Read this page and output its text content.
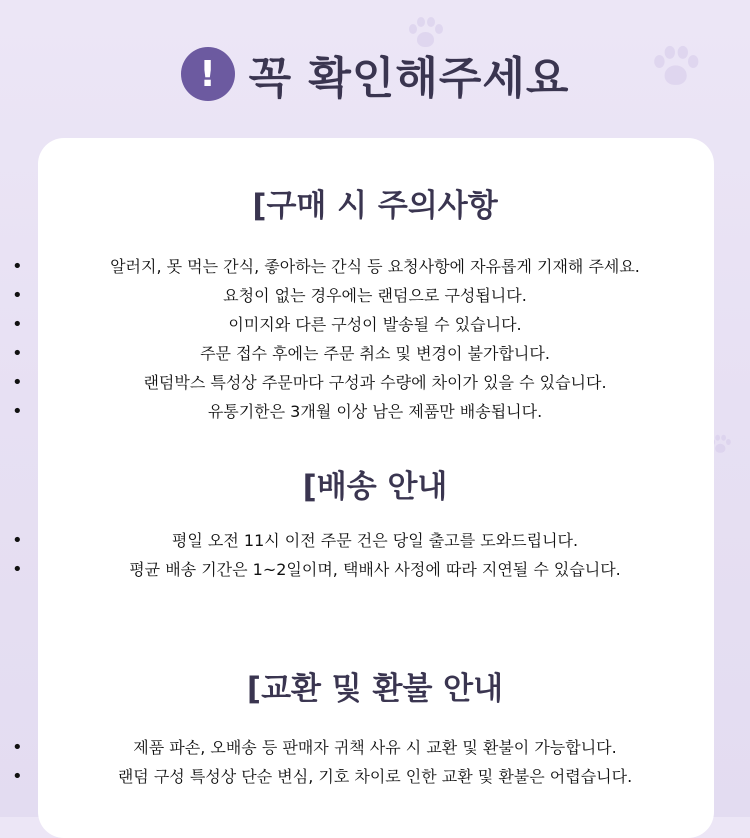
! 꼭 확인해주세요
[구매 시 주의사항
•	알러지, 못 먹는 간식, 좋아하는 간식 등 요청사항에 자유롭게 기재해 주세요.
•	요청이 없는 경우에는 랜덤으로 구성됩니다.
•	이미지와 다른 구성이 발송될 수 있습니다.
•	주문 접수 후에는 주문 취소 및 변경이 불가합니다.
•	랜덤박스 특성상 주문마다 구성과 수량에 차이가 있을 수 있습니다.
•	유통기한은 3개월 이상 남은 제품만 배송됩니다.
[배송 안내
•	평일 오전 11시 이전 주문 건은 당일 출고를 도와드립니다.
•	평균 배송 기간은 1~2일이며, 택배사 사정에 따라 지연될 수 있습니다.
[교환 및 환불 안내
•	제품 파손, 오배송 등 판매자 귀책 사유 시 교환 및 환불이 가능합니다.
•	랜덤 구성 특성상 단순 변심, 기호 차이로 인한 교환 및 환불은 어렵습니다.
